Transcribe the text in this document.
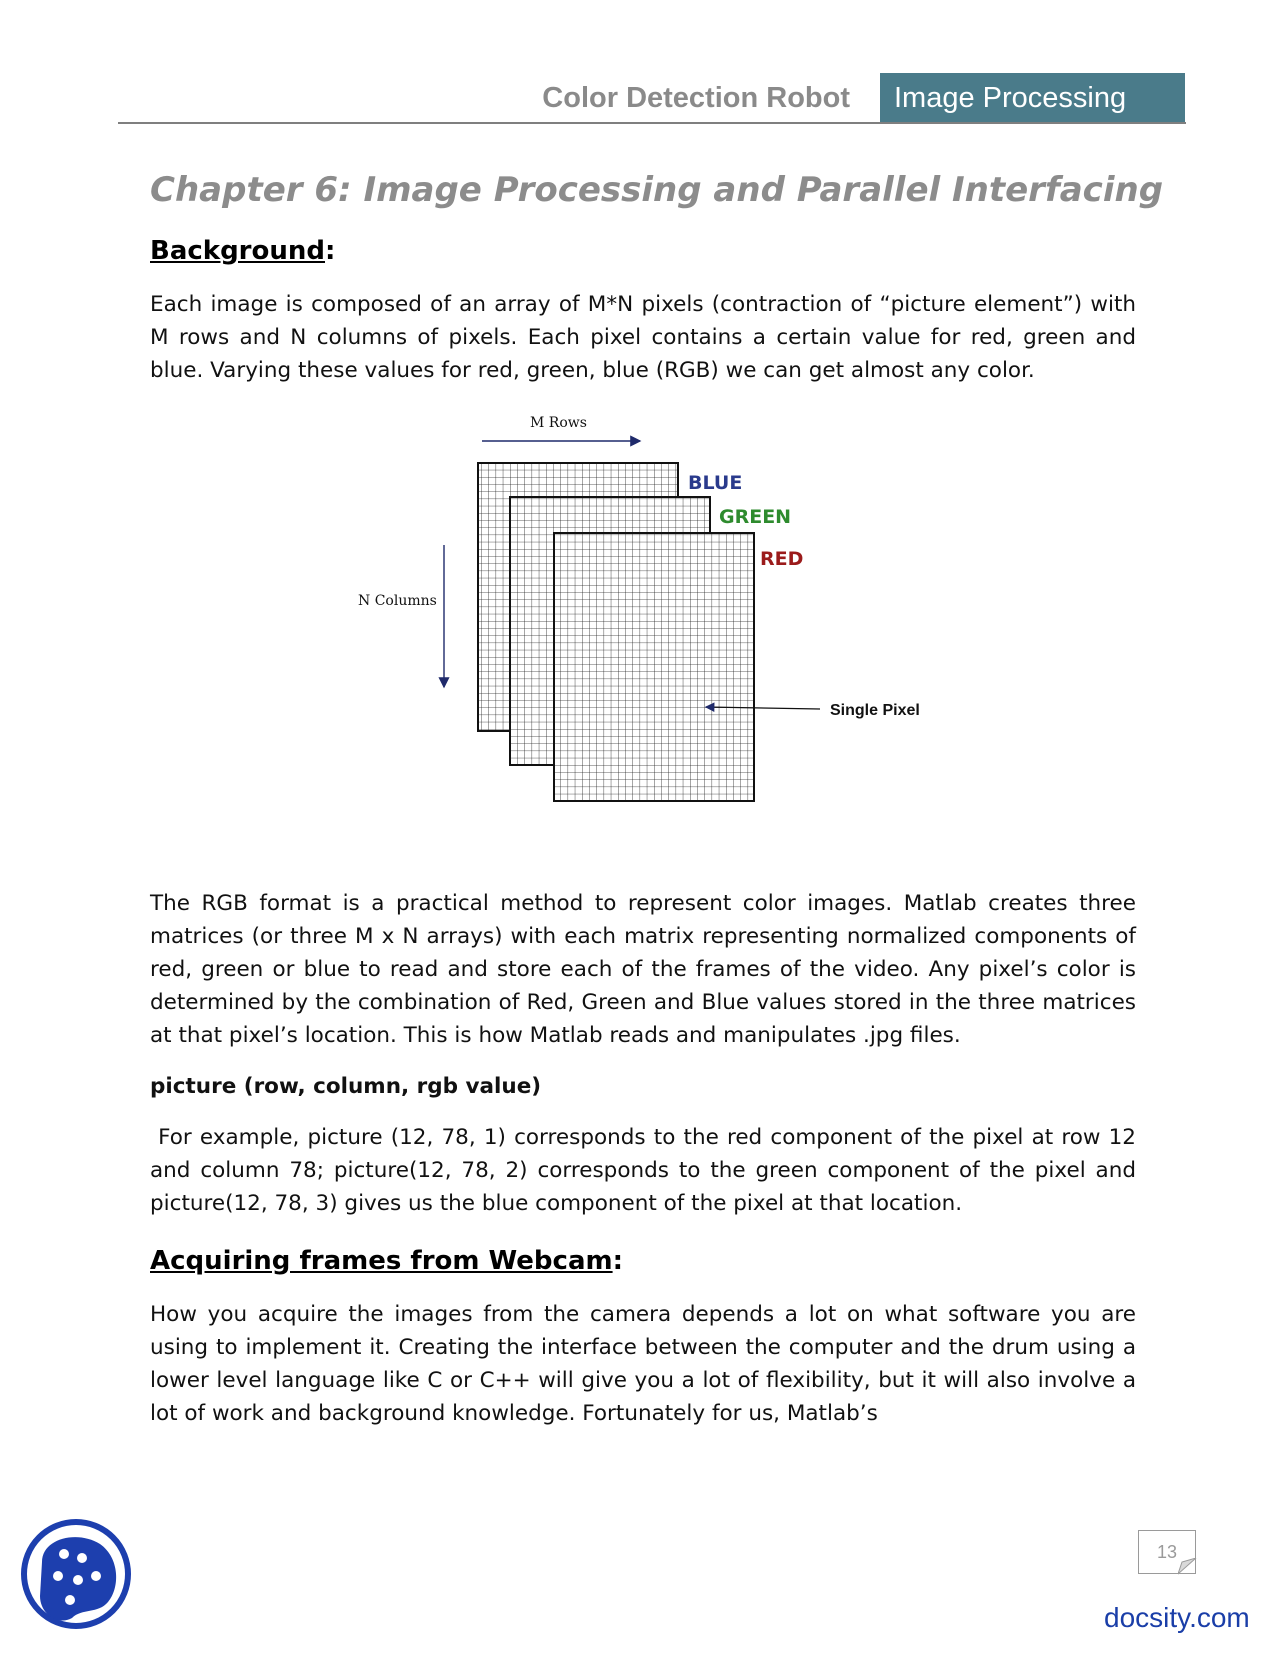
Color Detection Robot	Image Processing
Chapter 6: Image Processing and Parallel Interfacing
Background:

Each image is composed of an array of M*N pixels (contraction of “picture element”) with M rows and N columns of pixels. Each pixel contains a certain value for red, green and blue. Varying these values for red, green, blue (RGB) we can get almost any color.

M Rows
N Columns
BLUE
GREEN
RED
Single Pixel

The RGB format is a practical method to represent color images. Matlab creates three matrices (or three M x N arrays) with each matrix representing normalized components of red, green or blue to read and store each of the frames of the video. Any pixel’s color is determined by the combination of Red, Green and Blue values stored in the three matrices at that pixel’s location. This is how Matlab reads and manipulates .jpg files.

picture (row, column, rgb value)

For example, picture (12, 78, 1) corresponds to the red component of the pixel at row 12 and column 78; picture(12, 78, 2) corresponds to the green component of the pixel and picture(12, 78, 3) gives us the blue component of the pixel at that location.

Acquiring frames from Webcam:

How you acquire the images from the camera depends a lot on what software you are using to implement it. Creating the interface between the computer and the drum using a lower level language like C or C++ will give you a lot of flexibility, but it will also involve a lot of work and background knowledge. Fortunately for us, Matlab’s

13
docsity.com
